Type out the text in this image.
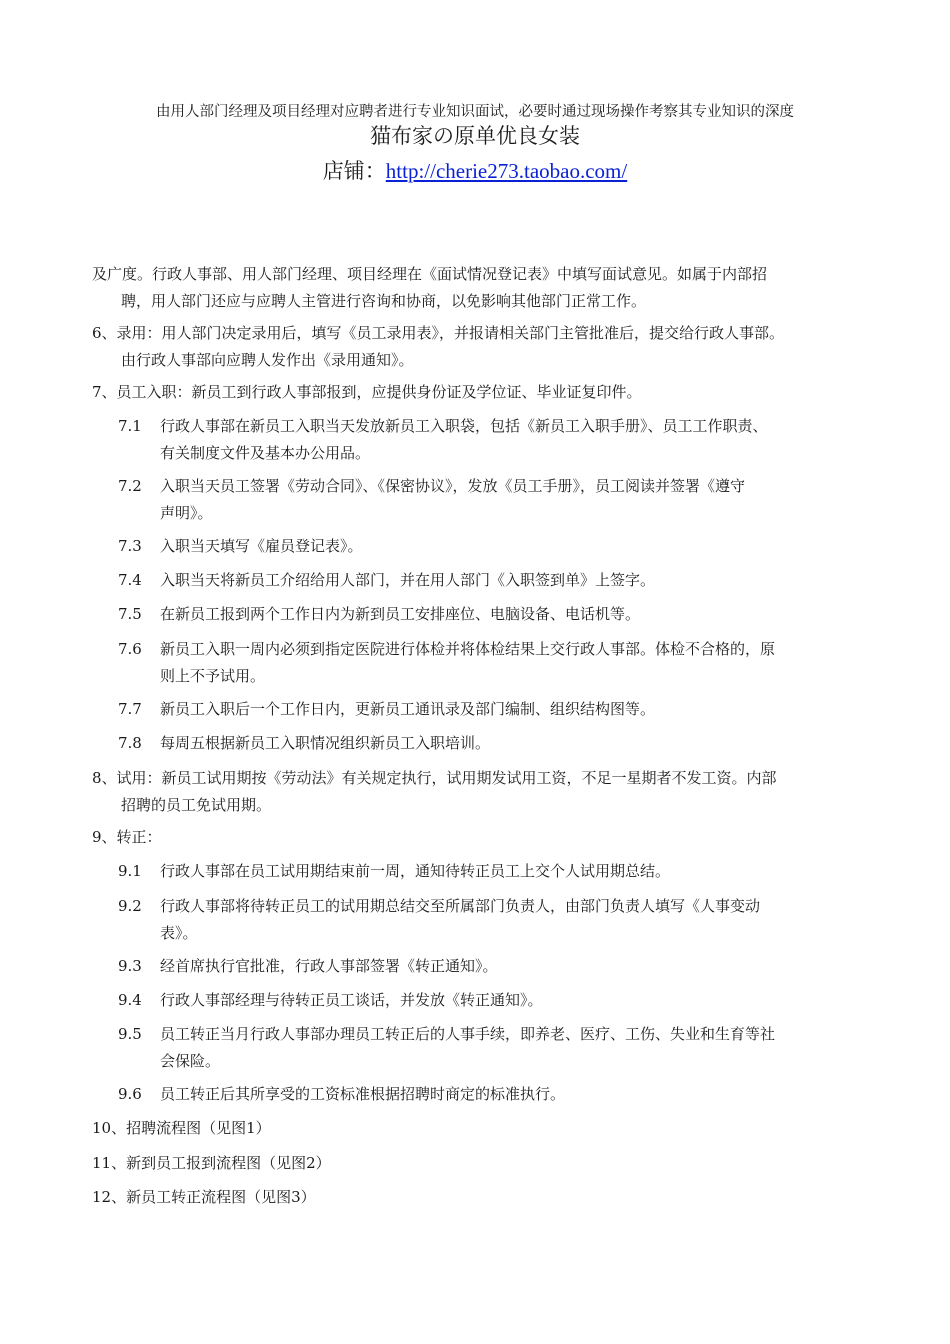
由用人部门经理及项目经理对应聘者进行专业知识面试，必要时通过现场操作考察其专业知识的深度
猫布家の原单优良女装
店铺：http://cherie273.taobao.com/
及广度。行政人事部、用人部门经理、项目经理在《面试情况登记表》中填写面试意见。如属于内部招
聘，用人部门还应与应聘人主管进行咨询和协商，以免影响其他部门正常工作。
6、录用：用人部门决定录用后，填写《员工录用表》，并报请相关部门主管批准后，提交给行政人事部。
由行政人事部向应聘人发作出《录用通知》。
7、员工入职：新员工到行政人事部报到，应提供身份证及学位证、毕业证复印件。
7.1 行政人事部在新员工入职当天发放新员工入职袋，包括《新员工入职手册》、员工工作职责、
有关制度文件及基本办公用品。
7.2 入职当天员工签署《劳动合同》、《保密协议》，发放《员工手册》，员工阅读并签署《遵守
声明》。
7.3 入职当天填写《雇员登记表》。
7.4 入职当天将新员工介绍给用人部门，并在用人部门《入职签到单》上签字。
7.5 在新员工报到两个工作日内为新到员工安排座位、电脑设备、电话机等。
7.6 新员工入职一周内必须到指定医院进行体检并将体检结果上交行政人事部。体检不合格的，原
则上不予试用。
7.7 新员工入职后一个工作日内，更新员工通讯录及部门编制、组织结构图等。
7.8 每周五根据新员工入职情况组织新员工入职培训。
8、试用：新员工试用期按《劳动法》有关规定执行，试用期发试用工资，不足一星期者不发工资。内部
招聘的员工免试用期。
9、转正：
9.1 行政人事部在员工试用期结束前一周，通知待转正员工上交个人试用期总结。
9.2 行政人事部将待转正员工的试用期总结交至所属部门负责人，由部门负责人填写《人事变动
表》。
9.3 经首席执行官批准，行政人事部签署《转正通知》。
9.4 行政人事部经理与待转正员工谈话，并发放《转正通知》。
9.5 员工转正当月行政人事部办理员工转正后的人事手续，即养老、医疗、工伤、失业和生育等社
会保险。
9.6 员工转正后其所享受的工资标准根据招聘时商定的标准执行。
10、招聘流程图（见图1）
11、新到员工报到流程图（见图2）
12、新员工转正流程图（见图3）
